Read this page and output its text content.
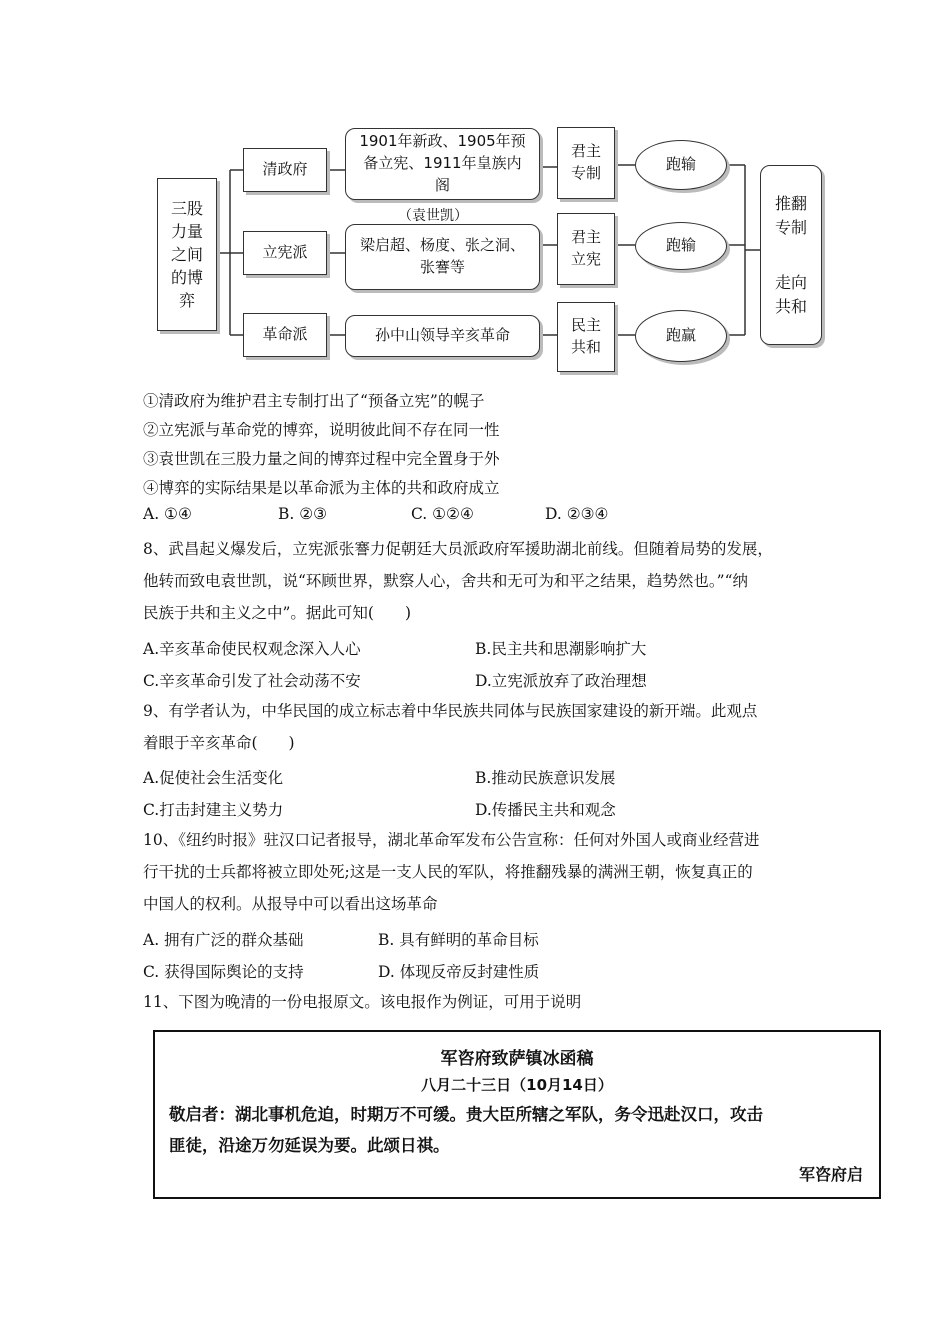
三股力量之间的博弈
清政府
立宪派
革命派
1901年新政、1905年预备立宪、1911年皇族内阁
（袁世凯）
梁启超、杨度、张之洞、张謇等
孙中山领导辛亥革命
君主专制
君主立宪
民主共和
跑输
跑输
跑赢
推翻专制
走向共和
①清政府为维护君主专制打出了“预备立宪”的幌子
②立宪派与革命党的博弈，说明彼此间不存在同一性
③袁世凯在三股力量之间的博弈过程中完全置身于外
④博弈的实际结果是以革命派为主体的共和政府成立
A. ①④	B. ②③	C. ①②④	D. ②③④
8、武昌起义爆发后，立宪派张謇力促朝廷大员派政府军援助湖北前线。但随着局势的发展，
他转而致电袁世凯，说“环顾世界，默察人心，舍共和无可为和平之结果，趋势然也。”“纳
民族于共和主义之中”。据此可知(　　)
A.辛亥革命使民权观念深入人心	B.民主共和思潮影响扩大
C.辛亥革命引发了社会动荡不安	D.立宪派放弃了政治理想
9、有学者认为，中华民国的成立标志着中华民族共同体与民族国家建设的新开端。此观点
着眼于辛亥革命(　　)
A.促使社会生活变化	B.推动民族意识发展
C.打击封建主义势力	D.传播民主共和观念
10、《纽约时报》驻汉口记者报导，湖北革命军发布公告宣称：任何对外国人或商业经营进
行干扰的士兵都将被立即处死;这是一支人民的军队，将推翻残暴的满洲王朝，恢复真正的
中国人的权利。从报导中可以看出这场革命
A. 拥有广泛的群众基础	B. 具有鲜明的革命目标
C. 获得国际舆论的支持	D. 体现反帝反封建性质
11、下图为晚清的一份电报原文。该电报作为例证，可用于说明
军咨府致萨镇冰函稿
八月二十三日（10月14日）
敬启者：湖北事机危迫，时期万不可缓。贵大臣所辖之军队，务令迅赴汉口，攻击
匪徒，沿途万勿延误为要。此颂日祺。
军咨府启
